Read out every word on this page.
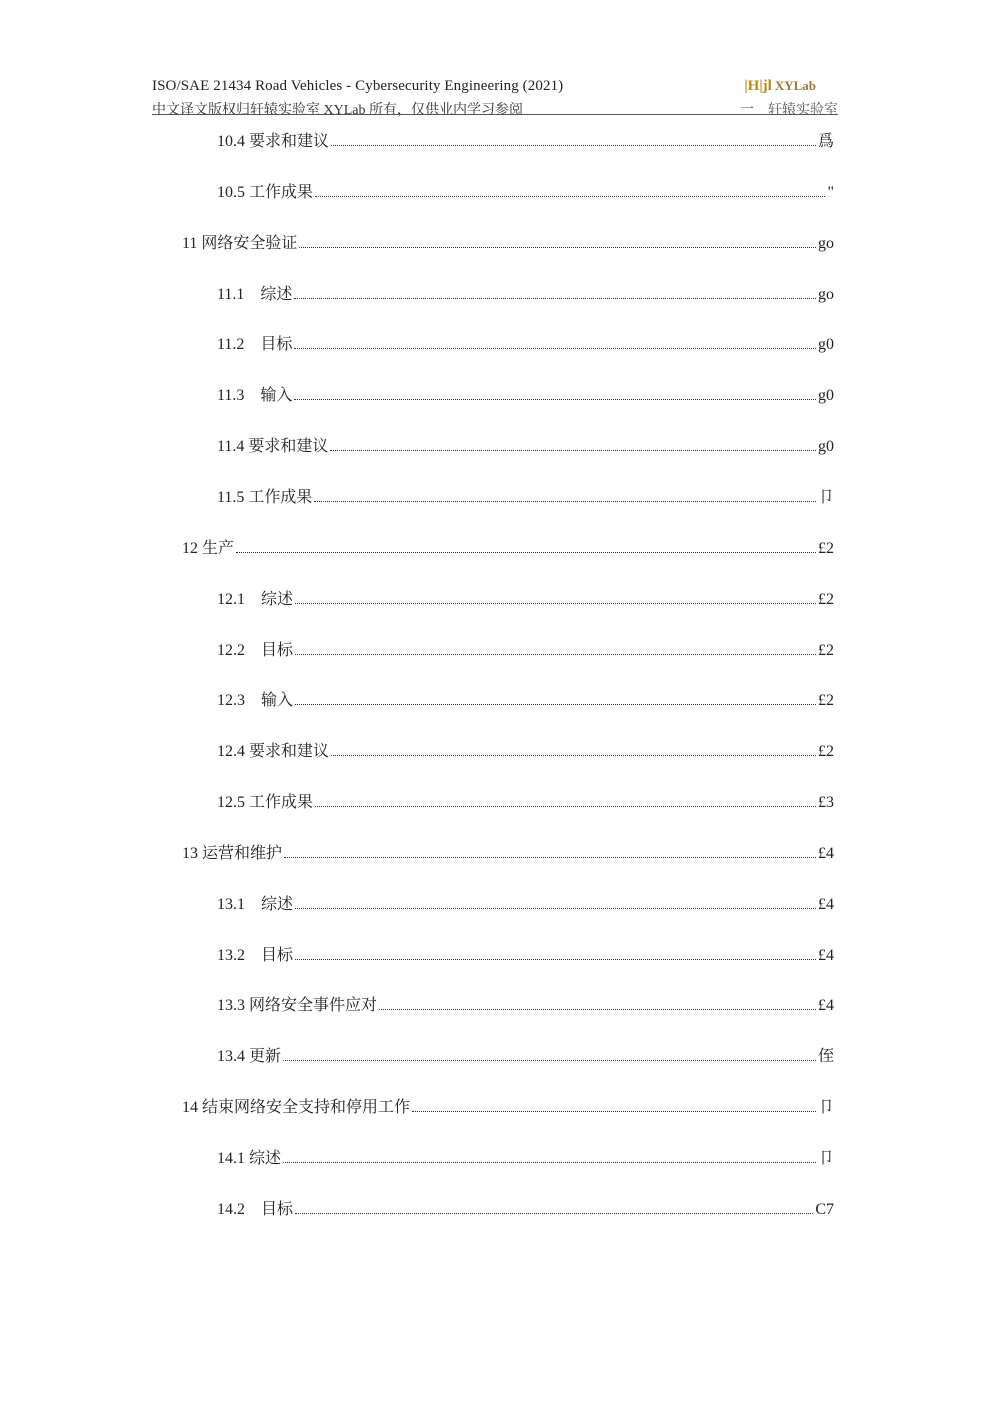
ISO/SAE 21434 Road Vehicles - Cybersecurity Engineering (2021)
中文译文版权归轩辕实验室 XYLab 所有，仅供业内学习参阅
|H|jl XYLab
一 轩辕实验室
10.4 要求和建议	爲
10.5 工作成果	"
11 网络安全验证	go
11.1　综述	go
11.2　目标	g0
11.3　输入	g0
11.4 要求和建议	g0
11.5 工作成果	卩
12 生产	£2
12.1　综述	£2
12.2　目标	£2
12.3　输入	£2
12.4 要求和建议	£2
12.5 工作成果	£3
13 运营和维护	£4
13.1　综述	£4
13.2　目标	£4
13.3 网络安全事件应对	£4
13.4 更新	侄
14 结束网络安全支持和停用工作	卩
14.1 综述	卩
14.2　目标	C7
